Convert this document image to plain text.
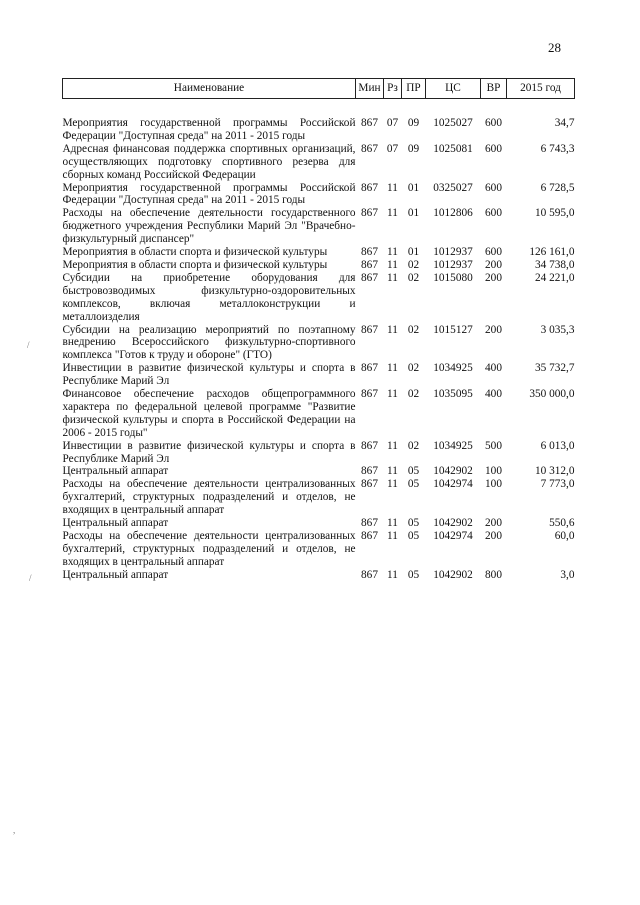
28
Наименование	Мин	Рз	ПР	ЦС	ВР	2015 год

Мероприятия государственной программы Российской Федерации "Доступная среда" на 2011 - 2015 годы	867	07	09	1025027	600	34,7
Адресная финансовая поддержка спортивных организаций, осуществляющих подготовку спортивного резерва для сборных команд Российской Федерации	867	07	09	1025081	600	6 743,3
Мероприятия государственной программы Российской Федерации "Доступная среда" на 2011 - 2015 годы	867	11	01	0325027	600	6 728,5
Расходы на обеспечение деятельности государственного бюджетного учреждения Республики Марий Эл "Врачебно-физкультурный диспансер"	867	11	01	1012806	600	10 595,0
Мероприятия в области спорта и физической культуры	867	11	01	1012937	600	126 161,0
Мероприятия в области спорта и физической культуры	867	11	02	1012937	200	34 738,0
Субсидии на приобретение оборудования для быстровозводимых физкультурно-оздоровительных комплексов, включая металлоконструкции и металлоизделия	867	11	02	1015080	200	24 221,0
Субсидии на реализацию мероприятий по поэтапному внедрению Всероссийского физкультурно-спортивного комплекса "Готов к труду и обороне" (ГТО)	867	11	02	1015127	200	3 035,3
Инвестиции в развитие физической культуры и спорта в Республике Марий Эл	867	11	02	1034925	400	35 732,7
Финансовое обеспечение расходов общепрограммного характера по федеральной целевой программе "Развитие физической культуры и спорта в Российской Федерации на 2006 - 2015 годы"	867	11	02	1035095	400	350 000,0
Инвестиции в развитие физической культуры и спорта в Республике Марий Эл	867	11	02	1034925	500	6 013,0
Центральный аппарат	867	11	05	1042902	100	10 312,0
Расходы на обеспечение деятельности централизованных бухгалтерий, структурных подразделений и отделов, не входящих в центральный аппарат	867	11	05	1042974	100	7 773,0
Центральный аппарат	867	11	05	1042902	200	550,6
Расходы на обеспечение деятельности централизованных бухгалтерий, структурных подразделений и отделов, не входящих в центральный аппарат	867	11	05	1042974	200	60,0
Центральный аппарат	867	11	05	1042902	800	3,0
/
/
,
